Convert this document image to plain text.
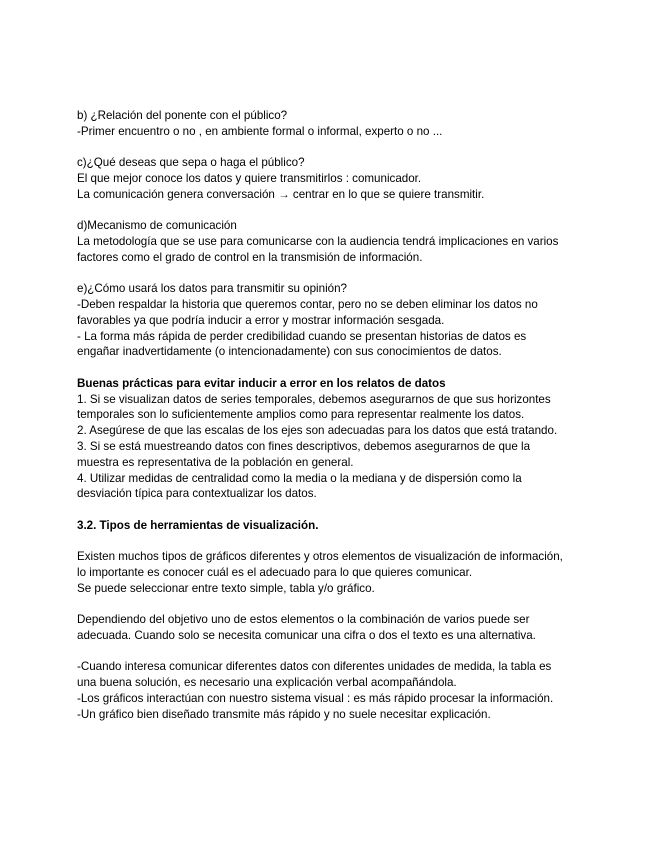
b) ¿Relación del ponente con el público?
-Primer encuentro o no , en ambiente formal o informal, experto o no ...
c)¿Qué deseas que sepa o haga el público?
El que mejor conoce los datos y quiere transmitirlos : comunicador.
La comunicación genera conversación → centrar en lo que se quiere transmitir.
d)Mecanismo de comunicación
La metodología que se use para comunicarse con la audiencia tendrá implicaciones en varios
factores como el grado de control en la transmisión de información.
e)¿Cómo usará los datos para transmitir su opinión?
-Deben respaldar la historia que queremos contar, pero no se deben eliminar los datos no
favorables ya que podría inducir a error y mostrar información sesgada.
- La forma más rápida de perder credibilidad cuando se presentan historias de datos es
engañar inadvertidamente (o intencionadamente) con sus conocimientos de datos.
Buenas prácticas para evitar inducir a error en los relatos de datos
1. Si se visualizan datos de series temporales, debemos asegurarnos de que sus horizontes
temporales son lo suficientemente amplios como para representar realmente los datos.
2. Asegúrese de que las escalas de los ejes son adecuadas para los datos que está tratando.
3. Si se está muestreando datos con fines descriptivos, debemos asegurarnos de que la
muestra es representativa de la población en general.
4. Utilizar medidas de centralidad como la media o la mediana y de dispersión como la
desviación típica para contextualizar los datos.
3.2. Tipos de herramientas de visualización.
Existen muchos tipos de gráficos diferentes y otros elementos de visualización de información,
lo importante es conocer cuál es el adecuado para lo que quieres comunicar.
Se puede seleccionar entre texto simple, tabla y/o gráfico.
Dependiendo del objetivo uno de estos elementos o la combinación de varios puede ser
adecuada. Cuando solo se necesita comunicar una cifra o dos el texto es una alternativa.
-Cuando interesa comunicar diferentes datos con diferentes unidades de medida, la tabla es
una buena solución, es necesario una explicación verbal acompañándola.
-Los gráficos interactúan con nuestro sistema visual : es más rápido procesar la información.
-Un gráfico bien diseñado transmite más rápido y no suele necesitar explicación.
